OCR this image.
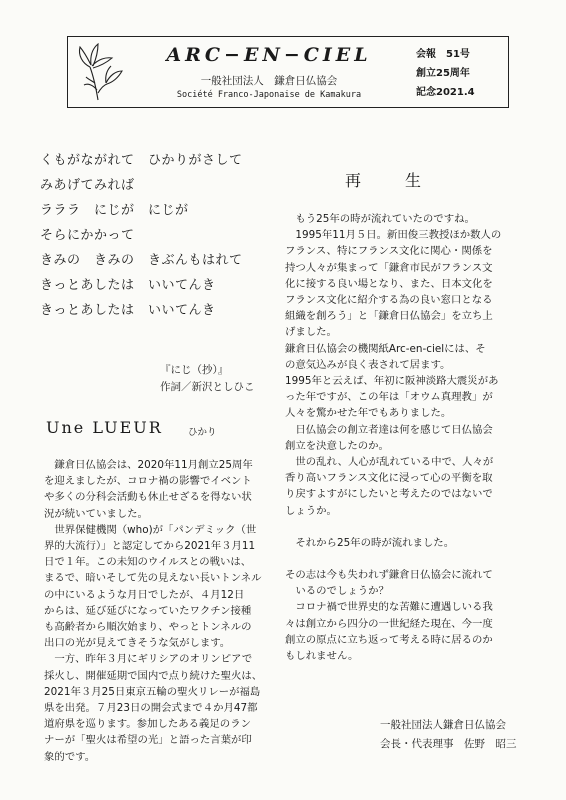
ARC−EN−CIEL
一般社団法人　鎌倉日仏協会
Société Franco-Japonaise de Kamakura
会報　51号
創立25周年
記念2021.4
くもがながれて　ひかりがさして
みあげてみれば
ラララ　にじが　にじが
そらにかかって
きみの　きみの　きぶんもはれて
きっとあしたは　いいてんき
きっとあしたは　いいてんき
『にじ（抄）』
作詞／新沢としひこ
Une LUEUR	ひかり

　鎌倉日仏協会は、2020年11月創立25周年

を迎えましたが、コロナ禍の影響でイベント

や多くの分科会活動も休止せざるを得ない状

況が続いていました。

　世界保健機関（who)が「パンデミック（世

界的大流行）」と認定してから2021年３月11

日で１年。この未知のウイルスとの戦いは、

まるで、暗いそして先の見えない長いトンネル

の中にいるような月日でしたが、４月12日

からは、延び延びになっていたワクチン接種

も高齢者から順次始まり、やっとトンネルの

出口の光が見えてきそうな気がします。

　一方、昨年３月にギリシアのオリンピアで

採火し、開催延期で国内で点り続けた聖火は、

2021年３月25日東京五輪の聖火リレーが福島

県を出発。７月23日の開会式まで４か月47都

道府県を巡ります。参加したある義足のラン

ナーが「聖火は希望の光」と語った言葉が印

象的です。

再　生

　もう25年の時が流れていたのですね。

　1995年11月５日。新田俊三教授ほか数人の

フランス、特にフランス文化に関心・関係を

持つ人々が集まって「鎌倉市民がフランス文

化に接する良い場となり、また、日本文化を

フランス文化に紹介する為の良い窓口となる

組織を創ろう」と「鎌倉日仏協会」を立ち上

げました。

鎌倉日仏協会の機関紙Arc-en-cielには、そ

の意気込みが良く表されて居ます。

1995年と云えば、年初に阪神淡路大震災があ

った年ですが、この年は「オウム真理教」が

人々を驚かせた年でもありました。

　日仏協会の創立者達は何を感じて日仏協会

創立を決意したのか。

　世の乱れ、人心が乱れている中で、人々が

香り高いフランス文化に浸って心の平衡を取

り戻すよすがにしたいと考えたのではないで

しょうか。

　それから25年の時が流れました。

その志は今も失われず鎌倉日仏協会に流れて

　いるのでしょうか？

　コロナ禍で世界史的な苦難に遭遇しいる我

々は創立から四分の一世紀経た現在、今一度

創立の原点に立ち返って考える時に居るのか

もしれません。

一般社団法人鎌倉日仏協会
会長・代表理事　佐野　昭三
